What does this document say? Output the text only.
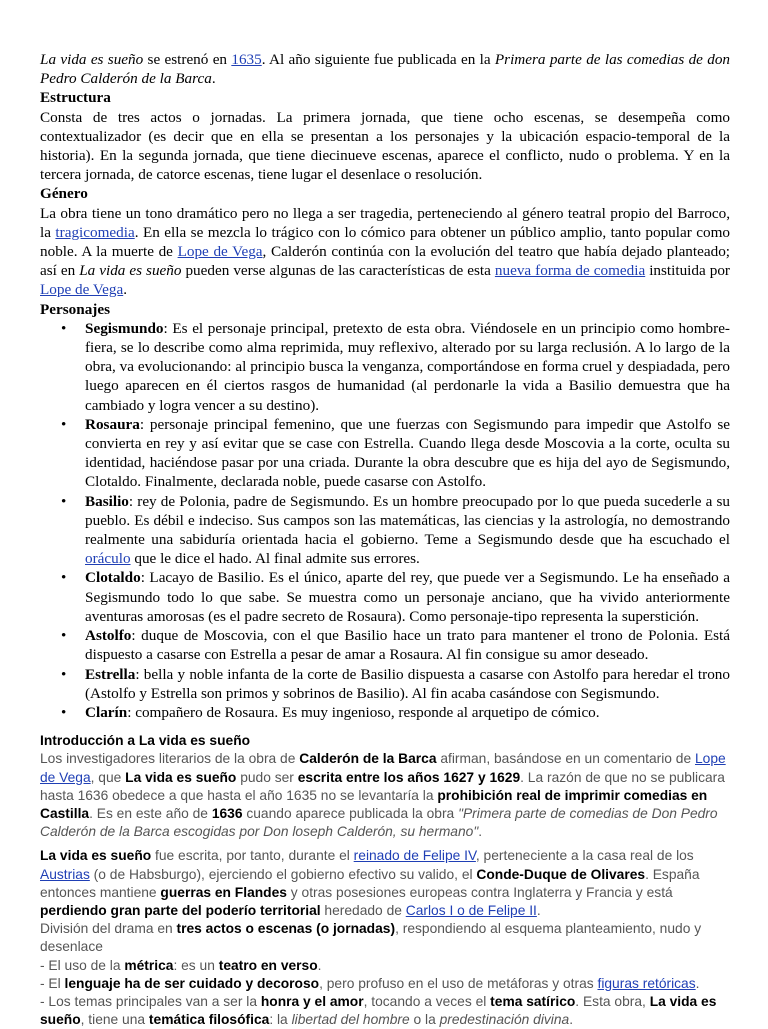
La vida es sueño se estrenó en 1635. Al año siguiente fue publicada en la Primera parte de las comedias de don Pedro Calderón de la Barca.

Estructura

Consta de tres actos o jornadas. La primera jornada, que tiene ocho escenas, se desempeña como contextualizador (es decir que en ella se presentan a los personajes y la ubicación espacio-temporal de la historia). En la segunda jornada, que tiene diecinueve escenas, aparece el conflicto, nudo o problema. Y en la tercera jornada, de catorce escenas, tiene lugar el desenlace o resolución.

Género

La obra tiene un tono dramático pero no llega a ser tragedia, perteneciendo al género teatral propio del Barroco, la tragicomedia. En ella se mezcla lo trágico con lo cómico para obtener un público amplio, tanto popular como noble. A la muerte de Lope de Vega, Calderón continúa con la evolución del teatro que había dejado planteado; así en La vida es sueño pueden verse algunas de las características de esta nueva forma de comedia instituida por Lope de Vega.

Personajes

• Segismundo: Es el personaje principal, pretexto de esta obra. Viéndosele en un principio como hombre-fiera, se lo describe como alma reprimida, muy reflexivo, alterado por su larga reclusión. A lo largo de la obra, va evolucionando: al principio busca la venganza, comportándose en forma cruel y despiadada, pero luego aparecen en él ciertos rasgos de humanidad (al perdonarle la vida a Basilio demuestra que ha cambiado y logra vencer a su destino).
• Rosaura: personaje principal femenino, que une fuerzas con Segismundo para impedir que Astolfo se convierta en rey y así evitar que se case con Estrella. Cuando llega desde Moscovia a la corte, oculta su identidad, haciéndose pasar por una criada. Durante la obra descubre que es hija del ayo de Segismundo, Clotaldo. Finalmente, declarada noble, puede casarse con Astolfo.
• Basilio: rey de Polonia, padre de Segismundo. Es un hombre preocupado por lo que pueda sucederle a su pueblo. Es débil e indeciso. Sus campos son las matemáticas, las ciencias y la astrología, no demostrando realmente una sabiduría orientada hacia el gobierno. Teme a Segismundo desde que ha escuchado el oráculo que le dice el hado. Al final admite sus errores.
• Clotaldo: Lacayo de Basilio. Es el único, aparte del rey, que puede ver a Segismundo. Le ha enseñado a Segismundo todo lo que sabe. Se muestra como un personaje anciano, que ha vivido anteriormente aventuras amorosas (es el padre secreto de Rosaura). Como personaje-tipo representa la superstición.
• Astolfo: duque de Moscovia, con el que Basilio hace un trato para mantener el trono de Polonia. Está dispuesto a casarse con Estrella a pesar de amar a Rosaura. Al fin consigue su amor deseado.
• Estrella: bella y noble infanta de la corte de Basilio dispuesta a casarse con Astolfo para heredar el trono (Astolfo y Estrella son primos y sobrinos de Basilio). Al fin acaba casándose con Segismundo.
• Clarín: compañero de Rosaura. Es muy ingenioso, responde al arquetipo de cómico.

Introducción a La vida es sueño

Los investigadores literarios de la obra de Calderón de la Barca afirman, basándose en un comentario de Lope de Vega, que La vida es sueño pudo ser escrita entre los años 1627 y 1629. La razón de que no se publicara hasta 1636 obedece a que hasta el año 1635 no se levantaría la prohibición real de imprimir comedias en Castilla. Es en este año de 1636 cuando aparece publicada la obra "Primera parte de comedias de Don Pedro Calderón de la Barca escogidas por Don loseph Calderón, su hermano".

La vida es sueño fue escrita, por tanto, durante el reinado de Felipe IV, perteneciente a la casa real de los Austrias (o de Habsburgo), ejerciendo el gobierno efectivo su valido, el Conde-Duque de Olivares. España entonces mantiene guerras en Flandes y otras posesiones europeas contra Inglaterra y Francia y está perdiendo gran parte del poderío territorial heredado de Carlos I o de Felipe II.

División del drama en tres actos o escenas (o jornadas), respondiendo al esquema planteamiento, nudo y desenlace

- El uso de la métrica: es un teatro en verso.

- El lenguaje ha de ser cuidado y decoroso, pero profuso en el uso de metáforas y otras figuras retóricas.

- Los temas principales van a ser la honra y el amor, tocando a veces el tema satírico. Esta obra, La vida es sueño, tiene una temática filosófica: la libertad del hombre o la predestinación divina.
